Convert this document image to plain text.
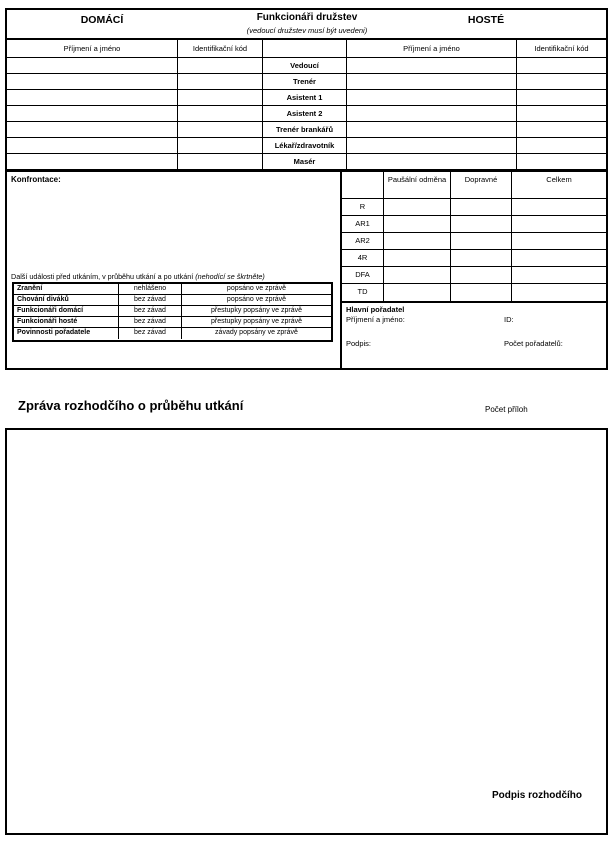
DOMÁCÍ	Funkcionáři družstev
(vedoucí družstev musí být uvedeni)
HOSTÉ
Příjmení a jméno	Identifikační kód	Příjmení a jméno	Identifikační kód
Vedoucí
Trenér
Asistent 1
Asistent 2
Trenér brankářů
Lékař/zdravotník
Masér
Konfrontace:
Další události před utkáním, v průběhu utkání a po utkání (nehodící se škrtněte)
Zranění	nehlášeno	popsáno ve zprávě
Chování diváků	bez závad	popsáno ve zprávě
Funkcionáři domácí	bez závad	přestupky popsány ve zprávě
Funkcionáři hosté	bez závad	přestupky popsány ve zprávě
Povinnosti pořadatele	bez závad	závady popsány ve zprávě
Paušální odměna	Dopravné	Celkem
R
AR1
AR2
4R
DFA
TD
Hlavní pořadatel
Příjmení a jméno:	ID:
Podpis:	Počet pořadatelů:
Zpráva rozhodčího o průběhu utkání	Počet příloh
Podpis rozhodčího
